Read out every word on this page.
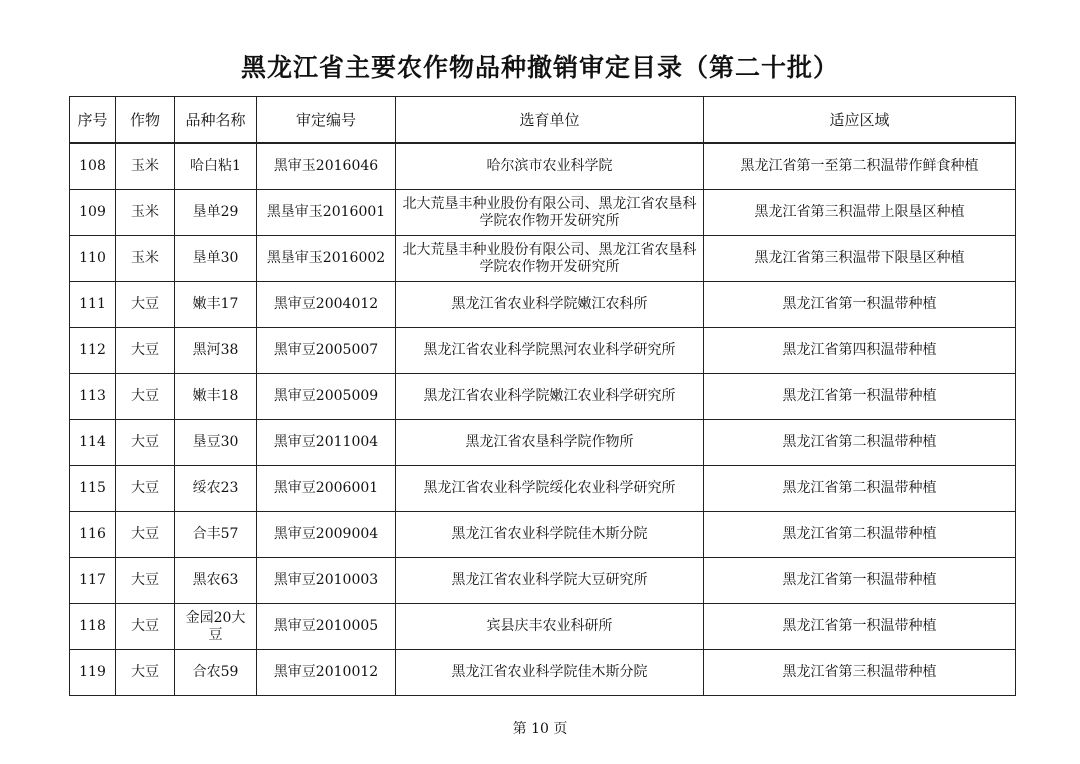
黑龙江省主要农作物品种撤销审定目录（第二十批）
序号	作物	品种名称	审定编号	选育单位	适应区域
108	玉米	哈白粘1	黑审玉2016046	哈尔滨市农业科学院	黑龙江省第一至第二积温带作鲜食种植
109	玉米	垦单29	黑垦审玉2016001	北大荒垦丰种业股份有限公司、黑龙江省农垦科学院农作物开发研究所	黑龙江省第三积温带上限垦区种植
110	玉米	垦单30	黑垦审玉2016002	北大荒垦丰种业股份有限公司、黑龙江省农垦科学院农作物开发研究所	黑龙江省第三积温带下限垦区种植
111	大豆	嫩丰17	黑审豆2004012	黑龙江省农业科学院嫩江农科所	黑龙江省第一积温带种植
112	大豆	黑河38	黑审豆2005007	黑龙江省农业科学院黑河农业科学研究所	黑龙江省第四积温带种植
113	大豆	嫩丰18	黑审豆2005009	黑龙江省农业科学院嫩江农业科学研究所	黑龙江省第一积温带种植
114	大豆	垦豆30	黑审豆2011004	黑龙江省农垦科学院作物所	黑龙江省第二积温带种植
115	大豆	绥农23	黑审豆2006001	黑龙江省农业科学院绥化农业科学研究所	黑龙江省第二积温带种植
116	大豆	合丰57	黑审豆2009004	黑龙江省农业科学院佳木斯分院	黑龙江省第二积温带种植
117	大豆	黑农63	黑审豆2010003	黑龙江省农业科学院大豆研究所	黑龙江省第一积温带种植
118	大豆	金园20大豆	黑审豆2010005	宾县庆丰农业科研所	黑龙江省第一积温带种植
119	大豆	合农59	黑审豆2010012	黑龙江省农业科学院佳木斯分院	黑龙江省第三积温带种植
第 10 页
